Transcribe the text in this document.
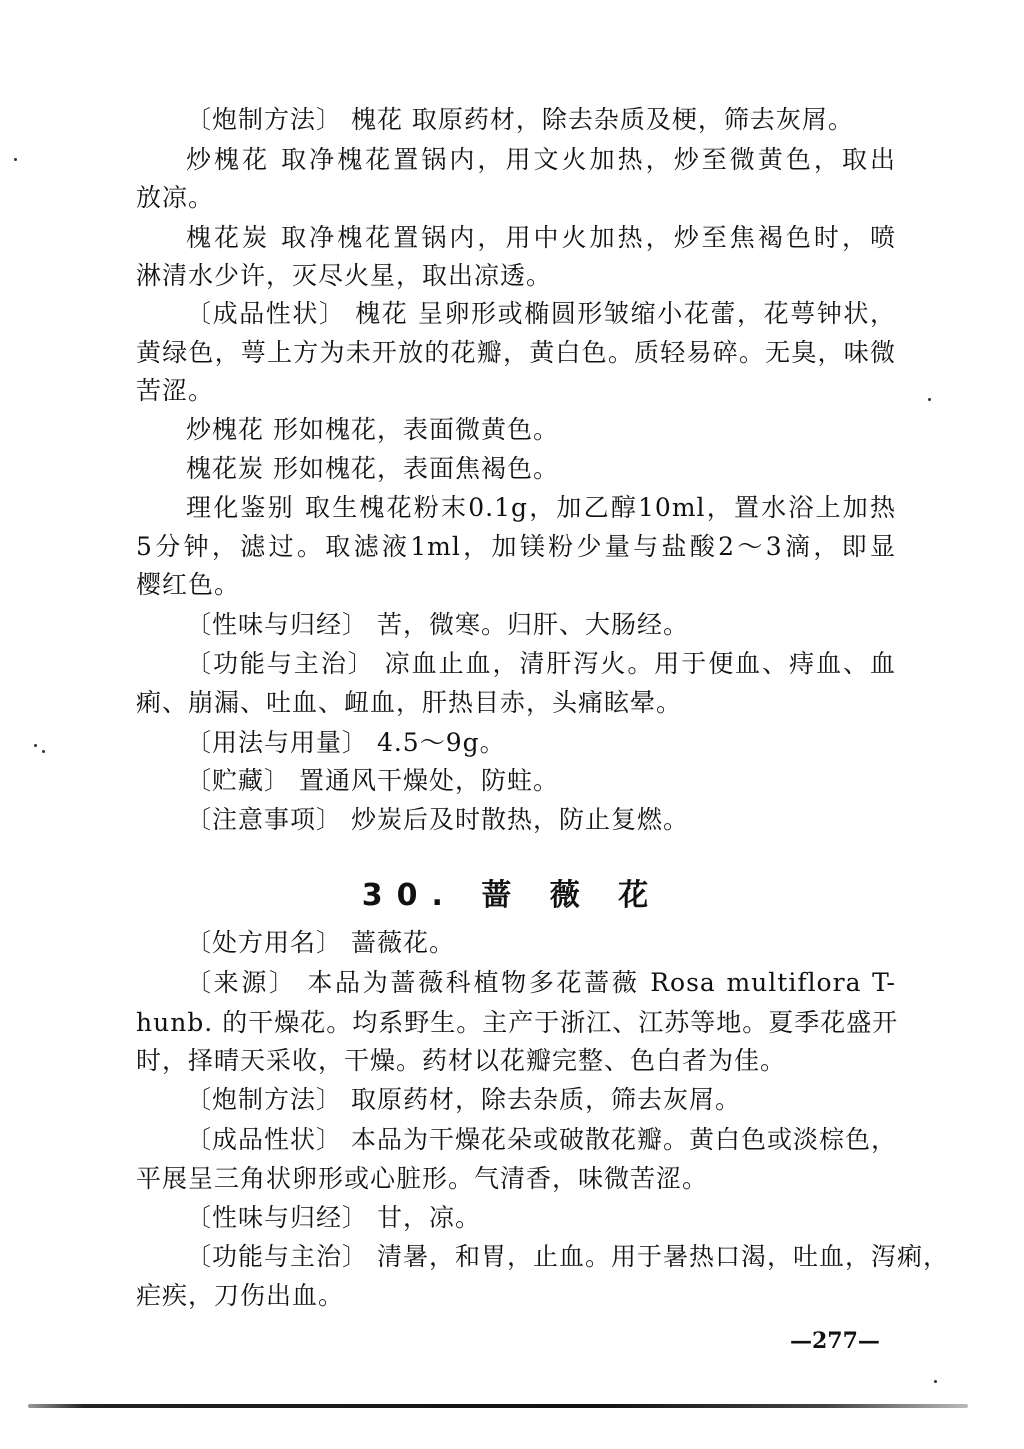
〔炮制方法〕 槐花 取原药材，除去杂质及梗，筛去灰屑。
炒槐花 取净槐花置锅内，用文火加热，炒至微黄色，取出
放凉。
槐花炭 取净槐花置锅内，用中火加热，炒至焦褐色时，喷
淋清水少许，灭尽火星，取出凉透。
〔成品性状〕 槐花 呈卵形或椭圆形皱缩小花蕾，花萼钟状，
黄绿色，萼上方为未开放的花瓣，黄白色。质轻易碎。无臭，味微
苦涩。
炒槐花 形如槐花，表面微黄色。
槐花炭 形如槐花，表面焦褐色。
理化鉴别 取生槐花粉末0.1g，加乙醇10ml，置水浴上加热
5分钟，滤过。取滤液1ml，加镁粉少量与盐酸2～3滴，即显
樱红色。
〔性味与归经〕 苦，微寒。归肝、大肠经。
〔功能与主治〕 凉血止血，清肝泻火。用于便血、痔血、血
痢、崩漏、吐血、衄血，肝热目赤，头痛眩晕。
〔用法与用量〕 4.5～9g。
〔贮藏〕 置通风干燥处，防蛀。
〔注意事项〕 炒炭后及时散热，防止复燃。
30. 蔷 薇 花
〔处方用名〕 蔷薇花。
〔来源〕 本品为蔷薇科植物多花蔷薇 Rosa multiflora T-
hunb. 的干燥花。均系野生。主产于浙江、江苏等地。夏季花盛开
时，择晴天采收，干燥。药材以花瓣完整、色白者为佳。
〔炮制方法〕 取原药材，除去杂质，筛去灰屑。
〔成品性状〕 本品为干燥花朵或破散花瓣。黄白色或淡棕色，
平展呈三角状卵形或心脏形。气清香，味微苦涩。
〔性味与归经〕 甘，凉。
〔功能与主治〕 清暑，和胃，止血。用于暑热口渴，吐血，泻痢，
疟疾，刀伤出血。
—277—
